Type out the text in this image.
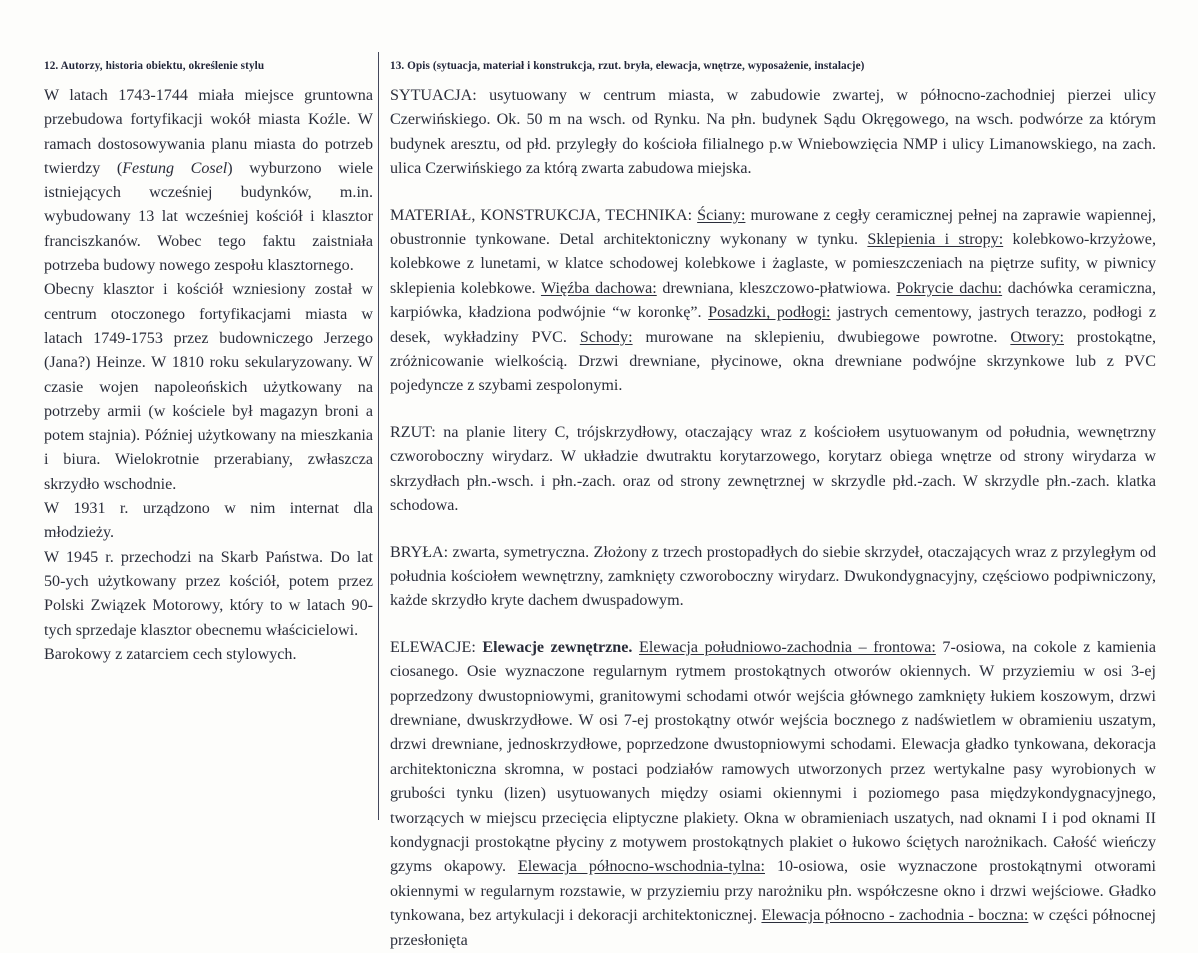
12. Autorzy, historia obiektu, określenie stylu	13. Opis (sytuacja, materiał i konstrukcja, rzut. bryła, elewacja, wnętrze, wyposażenie, instalacje)

W latach 1743-1744 miała miejsce gruntowna przebudowa fortyfikacji wokół miasta Koźle. W ramach dostosowywania planu miasta do potrzeb twierdzy (Festung Cosel) wyburzono wiele istniejących wcześniej budynków, m.in. wybudowany 13 lat wcześniej kościół i klasztor franciszkanów. Wobec tego faktu zaistniała potrzeba budowy nowego zespołu klasztornego.

Obecny klasztor i kościół wzniesiony został w centrum otoczonego fortyfikacjami miasta w latach 1749-1753 przez budowniczego Jerzego (Jana?) Heinze. W 1810 roku sekularyzowany. W czasie wojen napoleońskich użytkowany na potrzeby armii (w kościele był magazyn broni a potem stajnia). Później użytkowany na mieszkania i biura. Wielokrotnie przerabiany, zwłaszcza skrzydło wschodnie.

W 1931 r. urządzono w nim internat dla młodzieży.

W 1945 r. przechodzi na Skarb Państwa. Do lat 50-ych użytkowany przez kościół, potem przez Polski Związek Motorowy, który to w latach 90-tych sprzedaje klasztor obecnemu właścicielowi.

Barokowy z zatarciem cech stylowych.

SYTUACJA: usytuowany w centrum miasta, w zabudowie zwartej, w północno-zachodniej pierzei ulicy Czerwińskiego. Ok. 50 m na wsch. od Rynku. Na płn. budynek Sądu Okręgowego, na wsch. podwórze za którym budynek aresztu, od płd. przyległy do kościoła filialnego p.w Wniebowzięcia NMP i ulicy Limanowskiego, na zach. ulica Czerwińskiego za którą zwarta zabudowa miejska.

MATERIAŁ, KONSTRUKCJA, TECHNIKA: Ściany: murowane z cegły ceramicznej pełnej na zaprawie wapiennej, obustronnie tynkowane. Detal architektoniczny wykonany w tynku. Sklepienia i stropy: kolebkowo-krzyżowe, kolebkowe z lunetami, w klatce schodowej kolebkowe i żaglaste, w pomieszczeniach na piętrze sufity, w piwnicy sklepienia kolebkowe. Więźba dachowa: drewniana, kleszczowo-płatwiowa. Pokrycie dachu: dachówka ceramiczna, karpiówka, kładziona podwójnie “w koronkę”. Posadzki, podłogi: jastrych cementowy, jastrych terazzo, podłogi z desek, wykładziny PVC. Schody: murowane na sklepieniu, dwubiegowe powrotne. Otwory: prostokątne, zróżnicowanie wielkością. Drzwi drewniane, płycinowe, okna drewniane podwójne skrzynkowe lub z PVC pojedyncze z szybami zespolonymi.

RZUT: na planie litery C, trójskrzydłowy, otaczający wraz z kościołem usytuowanym od południa, wewnętrzny czworoboczny wirydarz. W układzie dwutraktu korytarzowego, korytarz obiega wnętrze od strony wirydarza w skrzydłach płn.-wsch. i płn.-zach. oraz od strony zewnętrznej w skrzydle płd.-zach. W skrzydle płn.-zach. klatka schodowa.

BRYŁA: zwarta, symetryczna. Złożony z trzech prostopadłych do siebie skrzydeł, otaczających wraz z przyległym od południa kościołem wewnętrzny, zamknięty czworoboczny wirydarz. Dwukondygnacyjny, częściowo podpiwniczony, każde skrzydło kryte dachem dwuspadowym.

ELEWACJE: Elewacje zewnętrzne. Elewacja południowo-zachodnia – frontowa: 7-osiowa, na cokole z kamienia ciosanego. Osie wyznaczone regularnym rytmem prostokątnych otworów okiennych. W przyziemiu w osi 3-ej poprzedzony dwustopniowymi, granitowymi schodami otwór wejścia głównego zamknięty łukiem koszowym, drzwi drewniane, dwuskrzydłowe. W osi 7-ej prostokątny otwór wejścia bocznego z nadświetlem w obramieniu uszatym, drzwi drewniane, jednoskrzydłowe, poprzedzone dwustopniowymi schodami. Elewacja gładko tynkowana, dekoracja architektoniczna skromna, w postaci podziałów ramowych utworzonych przez wertykalne pasy wyrobionych w grubości tynku (lizen) usytuowanych między osiami okiennymi i poziomego pasa międzykondygnacyjnego, tworzących w miejscu przecięcia eliptyczne plakiety. Okna w obramieniach uszatych, nad oknami I i pod oknami II kondygnacji prostokątne płyciny z motywem prostokątnych plakiet o łukowo ściętych narożnikach. Całość wieńczy gzyms okapowy. Elewacja północno-wschodnia-tylna: 10-osiowa, osie wyznaczone prostokątnymi otworami okiennymi w regularnym rozstawie, w przyziemiu przy narożniku płn. współczesne okno i drzwi wejściowe. Gładko tynkowana, bez artykulacji i dekoracji architektonicznej. Elewacja północno - zachodnia - boczna: w części północnej przesłonięta
